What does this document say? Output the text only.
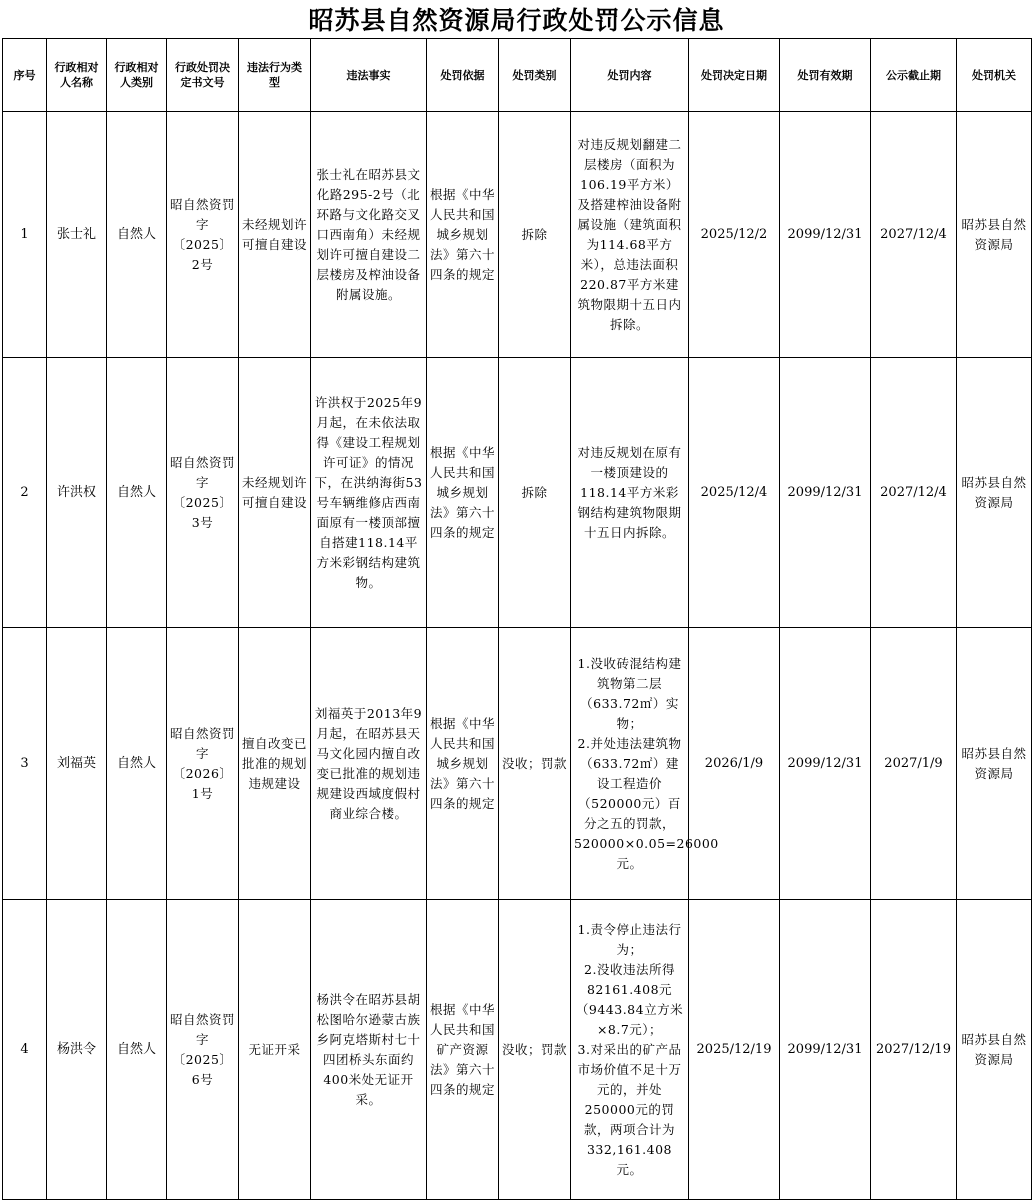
昭苏县自然资源局行政处罚公示信息
序号	行政相对人名称	行政相对人类别	行政处罚决定书文号	违法行为类型	违法事实	处罚依据	处罚类别	处罚内容	处罚决定日期	处罚有效期	公示截止期	处罚机关
1	张士礼	自然人	昭自然资罚字〔2025〕2号	未经规划许可擅自建设	张士礼在昭苏县文化路295-2号（北环路与文化路交叉口西南角）未经规划许可擅自建设二层楼房及榨油设备附属设施。	根据《中华人民共和国城乡规划法》第六十四条的规定	拆除	对违反规划翻建二层楼房（面积为106.19平方米）及搭建榨油设备附属设施（建筑面积为114.68平方米），总违法面积220.87平方米建筑物限期十五日内拆除。	2025/12/2	2099/12/31	2027/12/4	昭苏县自然资源局
2	许洪权	自然人	昭自然资罚字〔2025〕3号	未经规划许可擅自建设	许洪权于2025年9月起，在未依法取得《建设工程规划许可证》的情况下，在洪纳海街53号车辆维修店西南面原有一楼顶部擅自搭建118.14平方米彩钢结构建筑物。	根据《中华人民共和国城乡规划法》第六十四条的规定	拆除	对违反规划在原有一楼顶建设的118.14平方米彩钢结构建筑物限期十五日内拆除。	2025/12/4	2099/12/31	2027/12/4	昭苏县自然资源局
3	刘福英	自然人	昭自然资罚字〔2026〕1号	擅自改变已批准的规划违规建设	刘福英于2013年9月起，在昭苏县天马文化园内擅自改变已批准的规划违规建设西域度假村商业综合楼。	根据《中华人民共和国城乡规划法》第六十四条的规定	没收；罚款	1.没收砖混结构建筑物第二层（633.72㎡）实物；
2.并处违法建筑物（633.72㎡）建设工程造价（520000元）百分之五的罚款，520000×0.05=26000元。	2026/1/9	2099/12/31	2027/1/9	昭苏县自然资源局
4	杨洪令	自然人	昭自然资罚字〔2025〕6号	无证开采	杨洪令在昭苏县胡松图哈尔逊蒙古族乡阿克塔斯村七十四团桥头东面约400米处无证开采。	根据《中华人民共和国矿产资源法》第六十四条的规定	没收；罚款	1.责令停止违法行为；
2.没收违法所得82161.408元（9443.84立方米×8.7元）；
3.对采出的矿产品市场价值不足十万元的，并处250000元的罚款，两项合计为332,161.408元。	2025/12/19	2099/12/31	2027/12/19	昭苏县自然资源局
